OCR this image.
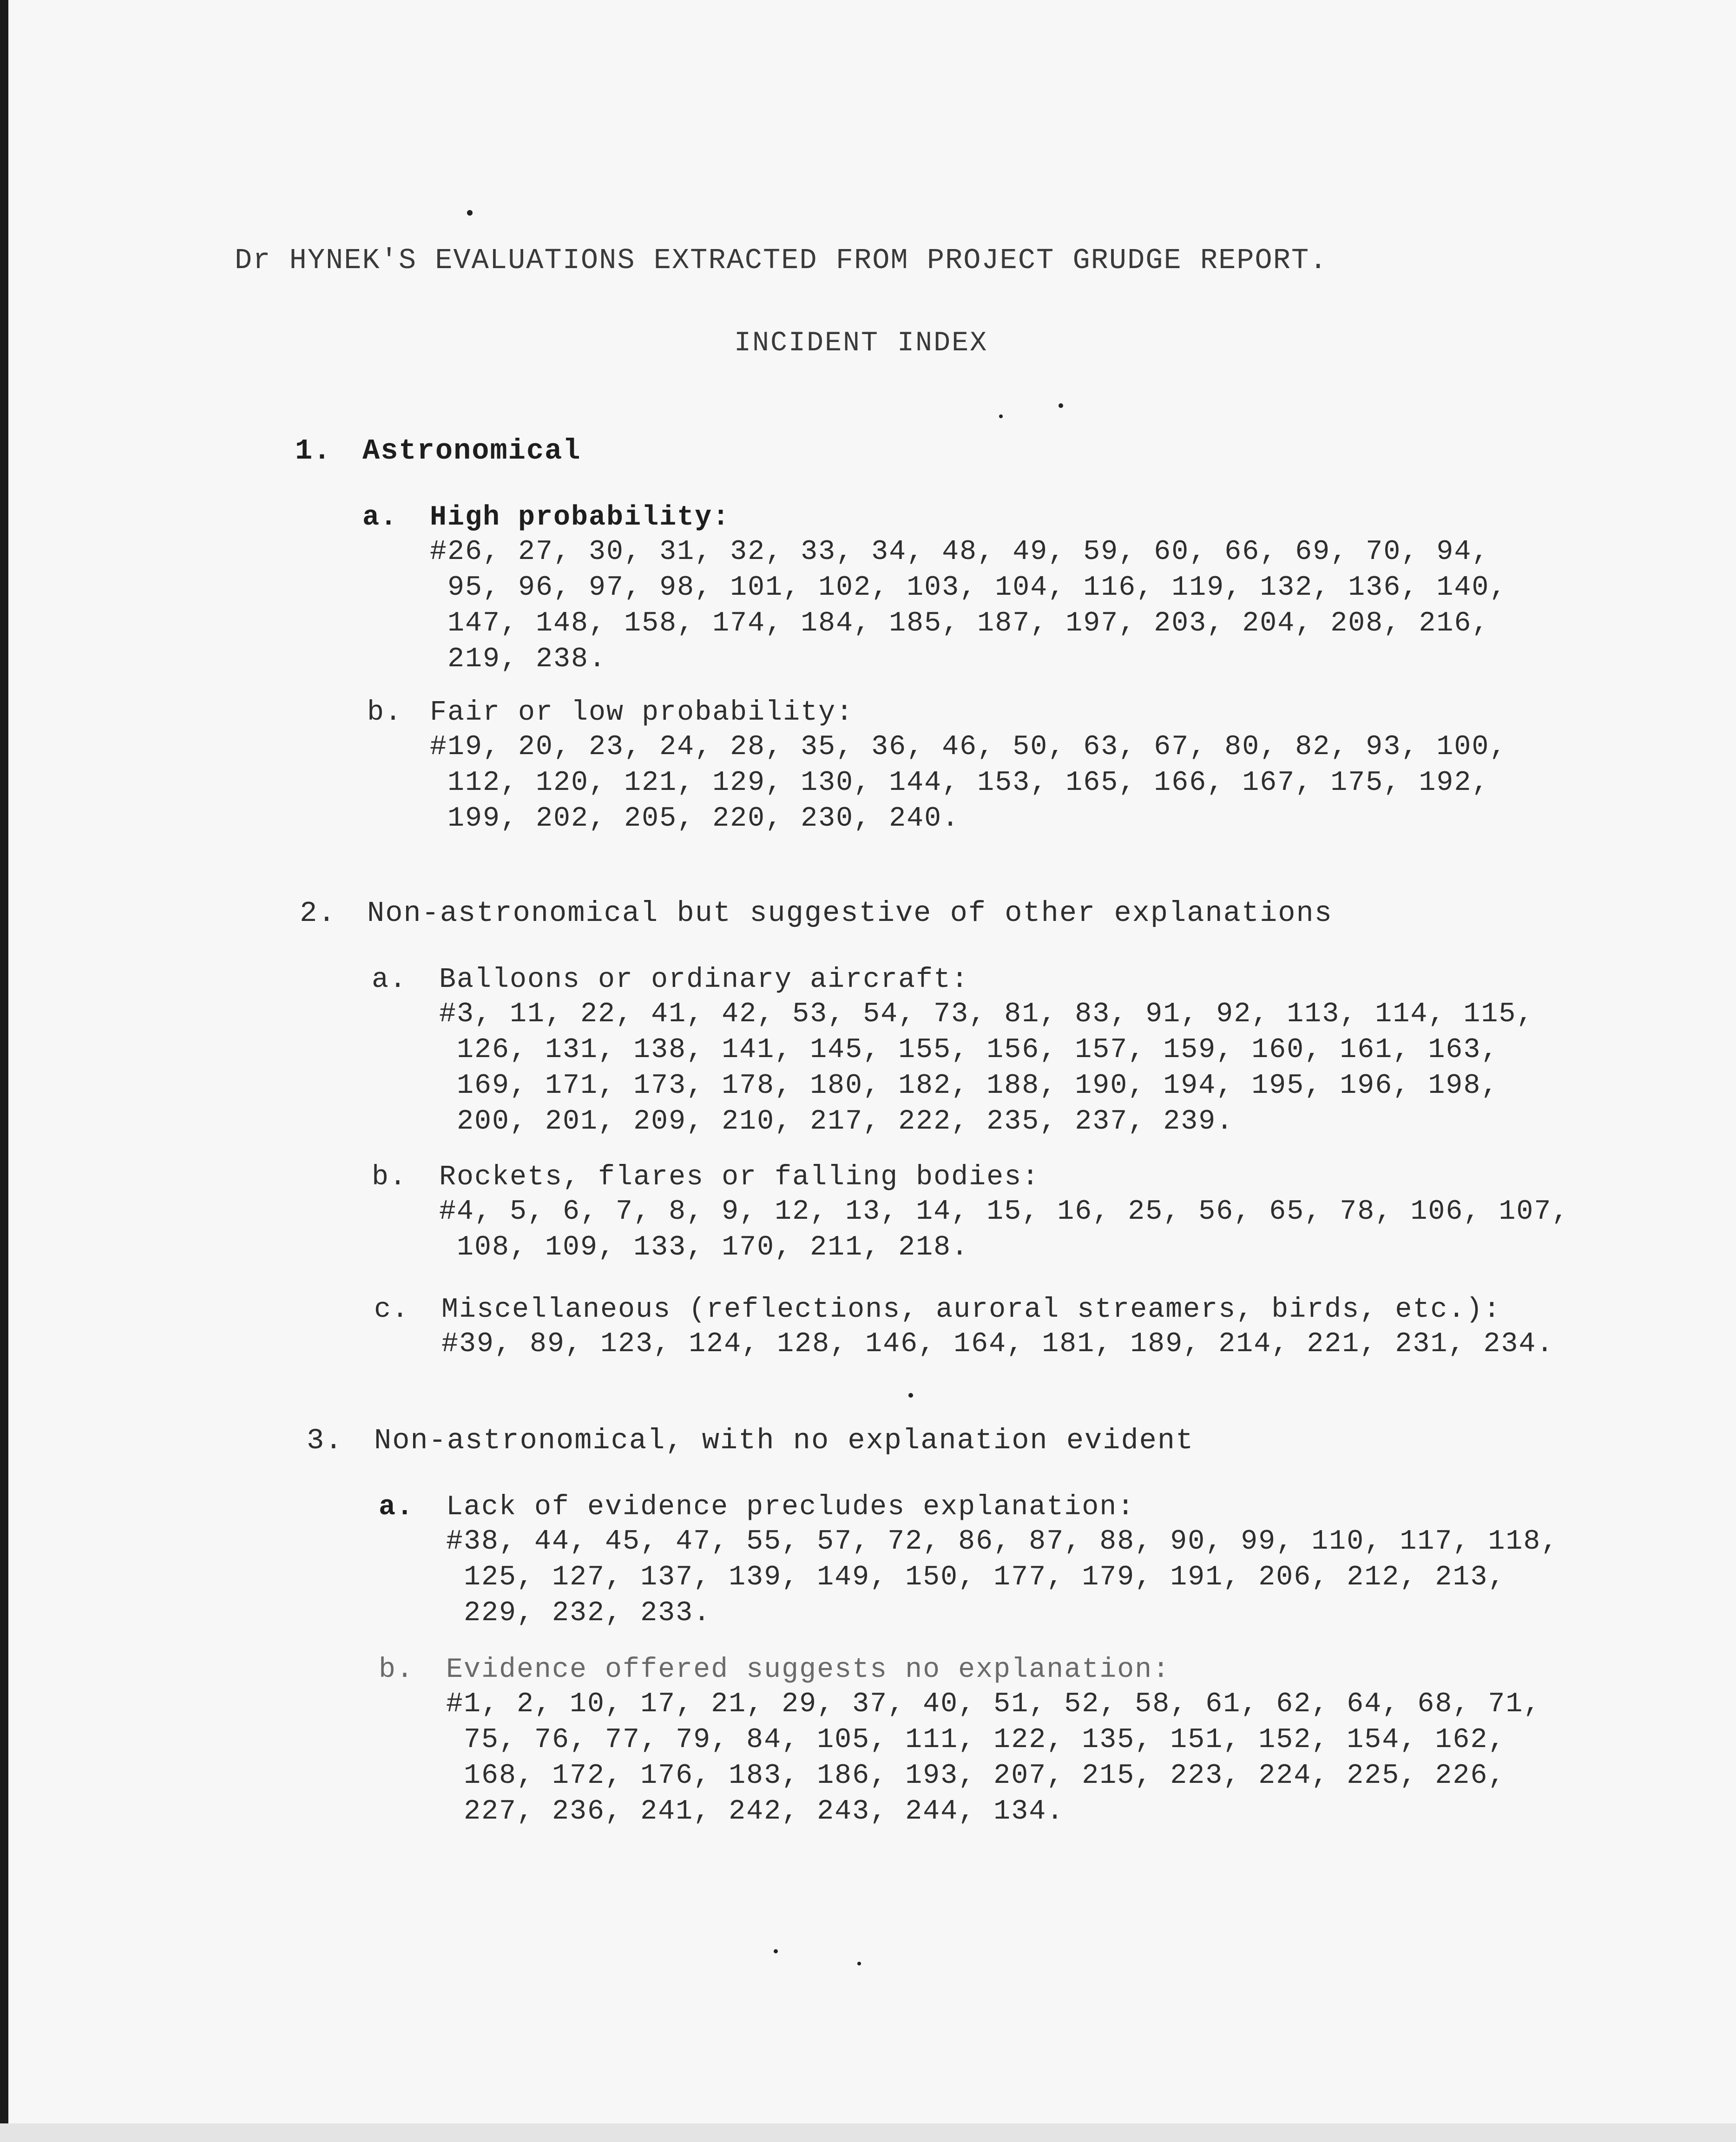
Dr HYNEK'S EVALUATIONS EXTRACTED FROM PROJECT GRUDGE REPORT.
INCIDENT INDEX
1. Astronomical
a. High probability:
#26, 27, 30, 31, 32, 33, 34, 48, 49, 59, 60, 66, 69, 70, 94,
95, 96, 97, 98, 101, 102, 103, 104, 116, 119, 132, 136, 140,
147, 148, 158, 174, 184, 185, 187, 197, 203, 204, 208, 216,
219, 238.
b. Fair or low probability:
#19, 20, 23, 24, 28, 35, 36, 46, 50, 63, 67, 80, 82, 93, 100,
112, 120, 121, 129, 130, 144, 153, 165, 166, 167, 175, 192,
199, 202, 205, 220, 230, 240.
2. Non-astronomical but suggestive of other explanations
a. Balloons or ordinary aircraft:
#3, 11, 22, 41, 42, 53, 54, 73, 81, 83, 91, 92, 113, 114, 115,
126, 131, 138, 141, 145, 155, 156, 157, 159, 160, 161, 163,
169, 171, 173, 178, 180, 182, 188, 190, 194, 195, 196, 198,
200, 201, 209, 210, 217, 222, 235, 237, 239.
b. Rockets, flares or falling bodies:
#4, 5, 6, 7, 8, 9, 12, 13, 14, 15, 16, 25, 56, 65, 78, 106, 107,
108, 109, 133, 170, 211, 218.
c. Miscellaneous (reflections, auroral streamers, birds, etc.):
#39, 89, 123, 124, 128, 146, 164, 181, 189, 214, 221, 231, 234.
3. Non-astronomical, with no explanation evident
a. Lack of evidence precludes explanation:
#38, 44, 45, 47, 55, 57, 72, 86, 87, 88, 90, 99, 110, 117, 118,
125, 127, 137, 139, 149, 150, 177, 179, 191, 206, 212, 213,
229, 232, 233.
b. Evidence offered suggests no explanation:
#1, 2, 10, 17, 21, 29, 37, 40, 51, 52, 58, 61, 62, 64, 68, 71,
75, 76, 77, 79, 84, 105, 111, 122, 135, 151, 152, 154, 162,
168, 172, 176, 183, 186, 193, 207, 215, 223, 224, 225, 226,
227, 236, 241, 242, 243, 244, 134.
